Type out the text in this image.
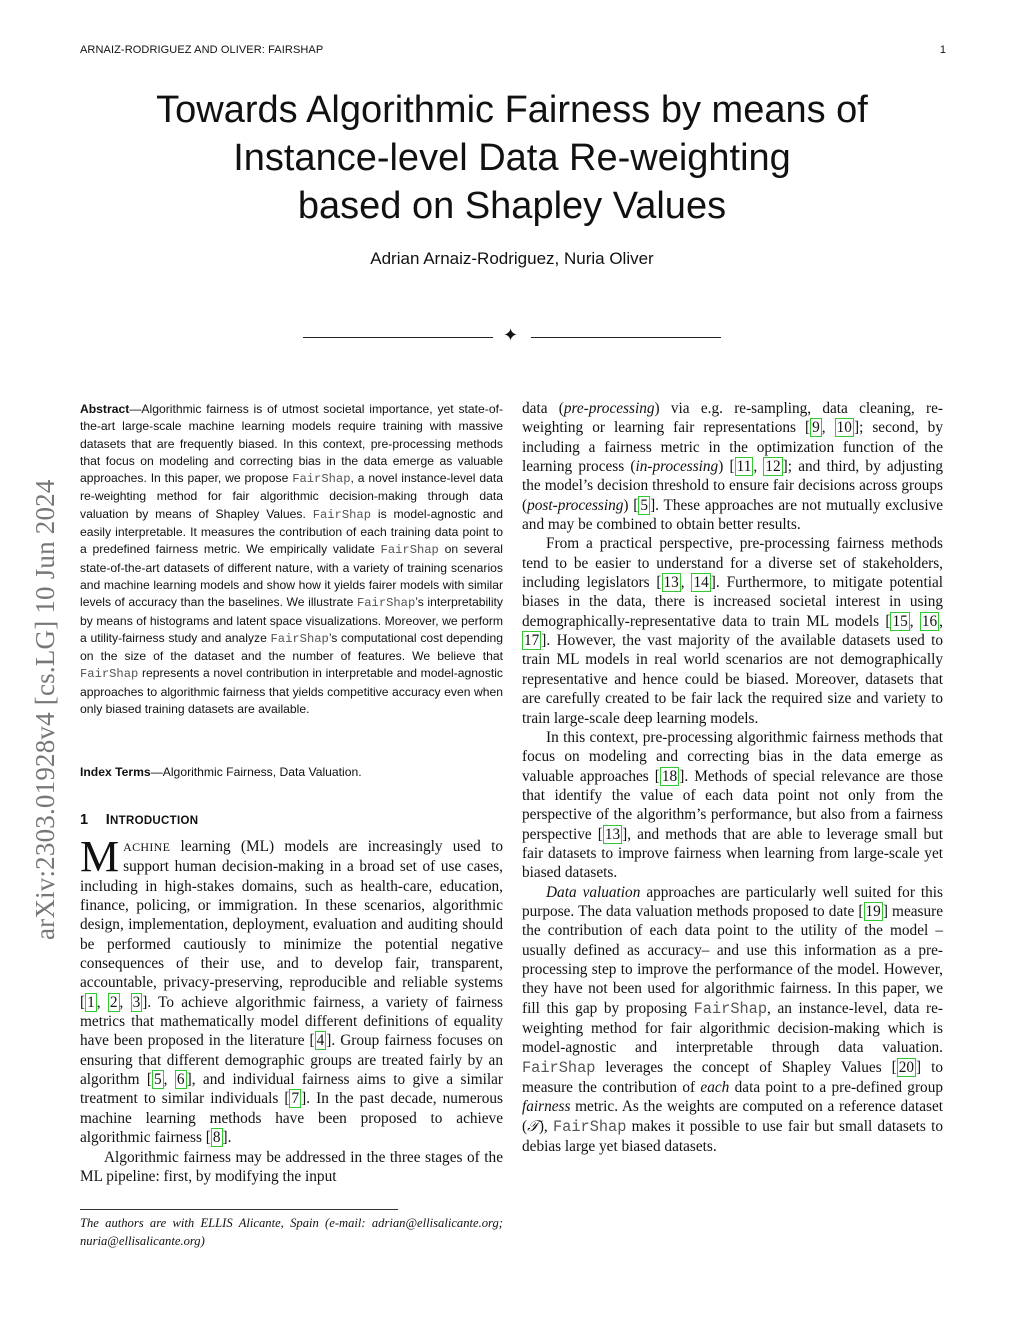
ARNAIZ-RODRIGUEZ AND OLIVER: FAIRSHAP	1
Towards Algorithmic Fairness by means of
Instance-level Data Re-weighting
based on Shapley Values
Adrian Arnaiz-Rodriguez, Nuria Oliver
✦
arXiv:2303.01928v4 [cs.LG] 10 Jun 2024
Abstract—Algorithmic fairness is of utmost societal importance, yet state-of-the-art large-scale machine learning models require training with massive datasets that are frequently biased. In this context, pre-processing methods that focus on modeling and correcting bias in the data emerge as valuable approaches. In this paper, we propose FairShap, a novel instance-level data re-weighting method for fair algorithmic decision-making through data valuation by means of Shapley Values. FairShap is model-agnostic and easily interpretable. It measures the contribution of each training data point to a predefined fairness metric. We empirically validate FairShap on several state-of-the-art datasets of different nature, with a variety of training scenarios and machine learning models and show how it yields fairer models with similar levels of accuracy than the baselines. We illustrate FairShap’s interpretability by means of histograms and latent space visualizations. Moreover, we perform a utility-fairness study and analyze FairShap’s computational cost depending on the size of the dataset and the number of features. We believe that FairShap represents a novel contribution in interpretable and model-agnostic approaches to algorithmic fairness that yields competitive accuracy even when only biased training datasets are available.
Index Terms—Algorithmic Fairness, Data Valuation.
1 INTRODUCTION

MACHINE learning (ML) models are increasingly used to support human decision-making in a broad set of use cases, including in high-stakes domains, such as health-care, education, finance, policing, or immigration. In these scenarios, algorithmic design, implementation, deployment, evaluation and auditing should be performed cautiously to minimize the potential negative consequences of their use, and to develop fair, transparent, accountable, privacy-preserving, reproducible and reliable systems [ 1 , 2 , 3 ]. To achieve algorithmic fairness, a variety of fairness metrics that mathematically model different definitions of equality have been proposed in the literature [ 4 ]. Group fairness focuses on ensuring that different demographic groups are treated fairly by an algorithm [ 5 , 6 ], and individual fairness aims to give a similar treatment to similar individuals [ 7 ]. In the past decade, numerous machine learning methods have been proposed to achieve algorithmic fairness [ 8 ].

Algorithmic fairness may be addressed in the three stages of the ML pipeline: first, by modifying the input

The authors are with ELLIS Alicante, Spain (e-mail: adrian@ellisalicante.org; nuria@ellisalicante.org)

data (pre-processing) via e.g. re-sampling, data cleaning, re-weighting or learning fair representations [ 9 , 10 ]; second, by including a fairness metric in the optimization function of the learning process (in-processing) [ 11 , 12 ]; and third, by adjusting the model’s decision threshold to ensure fair decisions across groups (post-processing) [ 5 ]. These approaches are not mutually exclusive and may be combined to obtain better results.

From a practical perspective, pre-processing fairness methods tend to be easier to understand for a diverse set of stakeholders, including legislators [ 13 , 14 ]. Furthermore, to mitigate potential biases in the data, there is increased societal interest in using demographically-representative data to train ML models [ 15 , 16 , 17 ]. However, the vast majority of the available datasets used to train ML models in real world scenarios are not demographically representative and hence could be biased. Moreover, datasets that are carefully created to be fair lack the required size and variety to train large-scale deep learning models.

In this context, pre-processing algorithmic fairness methods that focus on modeling and correcting bias in the data emerge as valuable approaches [ 18 ]. Methods of special relevance are those that identify the value of each data point not only from the perspective of the algorithm’s performance, but also from a fairness perspective [ 13 ], and methods that are able to leverage small but fair datasets to improve fairness when learning from large-scale yet biased datasets.

Data valuation approaches are particularly well suited for this purpose. The data valuation methods proposed to date [ 19 ] measure the contribution of each data point to the utility of the model –usually defined as accuracy– and use this information as a pre-processing step to improve the performance of the model. However, they have not been used for algorithmic fairness. In this paper, we fill this gap by proposing FairShap, an instance-level, data re-weighting method for fair algorithmic decision-making which is model-agnostic and interpretable through data valuation. FairShap leverages the concept of Shapley Values [ 20 ] to measure the contribution of each data point to a pre-defined group fairness metric. As the weights are computed on a reference dataset (𝒯), FairShap makes it possible to use fair but small datasets to debias large yet biased datasets.
